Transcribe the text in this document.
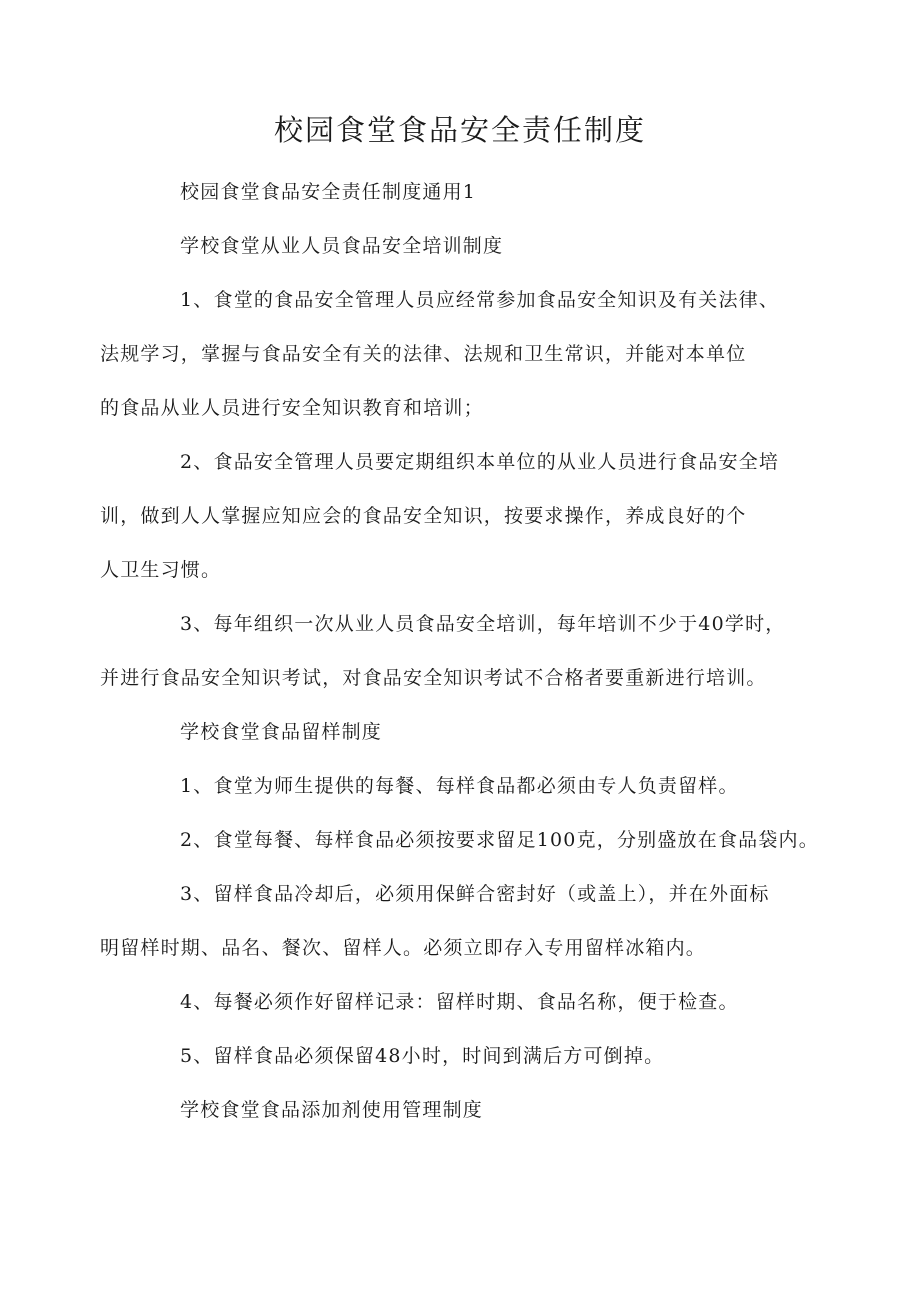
校园食堂食品安全责任制度

校园食堂食品安全责任制度通用1

学校食堂从业人员食品安全培训制度

1、食堂的食品安全管理人员应经常参加食品安全知识及有关法律、
法规学习，掌握与食品安全有关的法律、法规和卫生常识，并能对本单位
的食品从业人员进行安全知识教育和培训；

2、食品安全管理人员要定期组织本单位的从业人员进行食品安全培
训，做到人人掌握应知应会的食品安全知识，按要求操作，养成良好的个
人卫生习惯。

3、每年组织一次从业人员食品安全培训，每年培训不少于40学时，
并进行食品安全知识考试，对食品安全知识考试不合格者要重新进行培训。

学校食堂食品留样制度

1、食堂为师生提供的每餐、每样食品都必须由专人负责留样。

2、食堂每餐、每样食品必须按要求留足100克，分别盛放在食品袋内。

3、留样食品冷却后，必须用保鲜合密封好（或盖上），并在外面标
明留样时期、品名、餐次、留样人。必须立即存入专用留样冰箱内。

4、每餐必须作好留样记录：留样时期、食品名称，便于检查。

5、留样食品必须保留48小时，时间到满后方可倒掉。

学校食堂食品添加剂使用管理制度
